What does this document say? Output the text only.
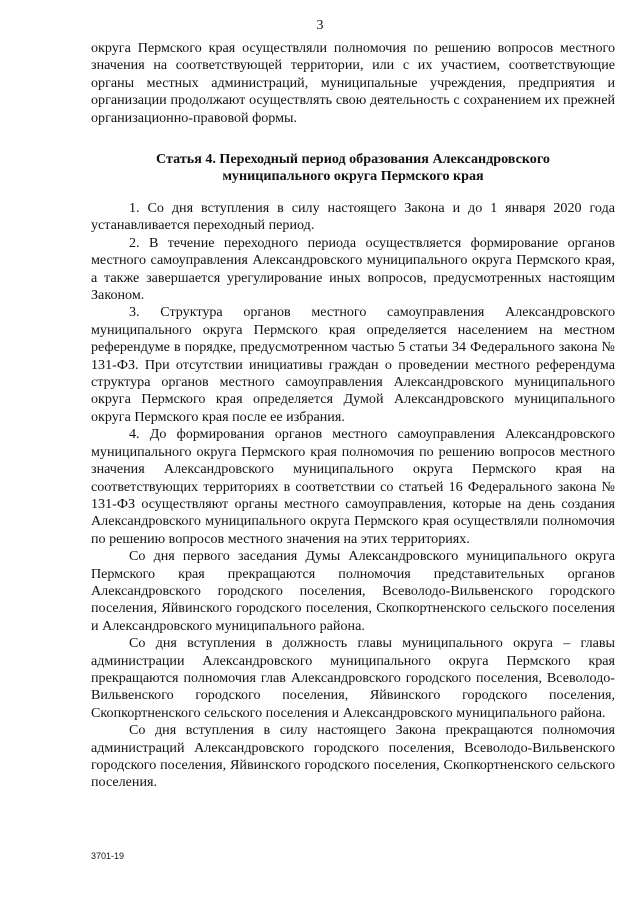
3

округа Пермского края осуществляли полномочия по решению вопросов местного значения на соответствующей территории, или с их участием, соответствующие органы местных администраций, муниципальные учреждения, предприятия и организации продолжают осуществлять свою деятельность с сохранением их прежней организационно-правовой формы.

Статья 4. Переходный период образования Александровского
муниципального округа Пермского края

1. Со дня вступления в силу настоящего Закона и до 1 января 2020 года устанавливается переходный период.

2. В течение переходного периода осуществляется формирование органов местного самоуправления Александровского муниципального округа Пермского края, а также завершается урегулирование иных вопросов, предусмотренных настоящим Законом.

3. Структура органов местного самоуправления Александровского муниципального округа Пермского края определяется населением на местном референдуме в порядке, предусмотренном частью 5 статьи 34 Федерального закона № 131-ФЗ. При отсутствии инициативы граждан о проведении местного референдума структура органов местного самоуправления Александровского муниципального округа Пермского края определяется Думой Александровского муниципального округа Пермского края после ее избрания.

4. До формирования органов местного самоуправления Александровского муниципального округа Пермского края полномочия по решению вопросов местного значения Александровского муниципального округа Пермского края на соответствующих территориях в соответствии со статьей 16 Федерального закона № 131-ФЗ осуществляют органы местного самоуправления, которые на день создания Александровского муниципального округа Пермского края осуществляли полномочия по решению вопросов местного значения на этих территориях.

Со дня первого заседания Думы Александровского муниципального округа Пермского края прекращаются полномочия представительных органов Александровского городского поселения, Всеволодо-Вильвенского городского поселения, Яйвинского городского поселения, Скопкортненского сельского поселения и Александровского муниципального района.

Со дня вступления в должность главы муниципального округа – главы администрации Александровского муниципального округа Пермского края прекращаются полномочия глав Александровского городского поселения, Всеволодо-Вильвенского городского поселения, Яйвинского городского поселения, Скопкортненского сельского поселения и Александровского муниципального района.

Со дня вступления в силу настоящего Закона прекращаются полномочия администраций Александровского городского поселения, Всеволодо-Вильвенского городского поселения, Яйвинского городского поселения, Скопкортненского сельского поселения.

3701-19
